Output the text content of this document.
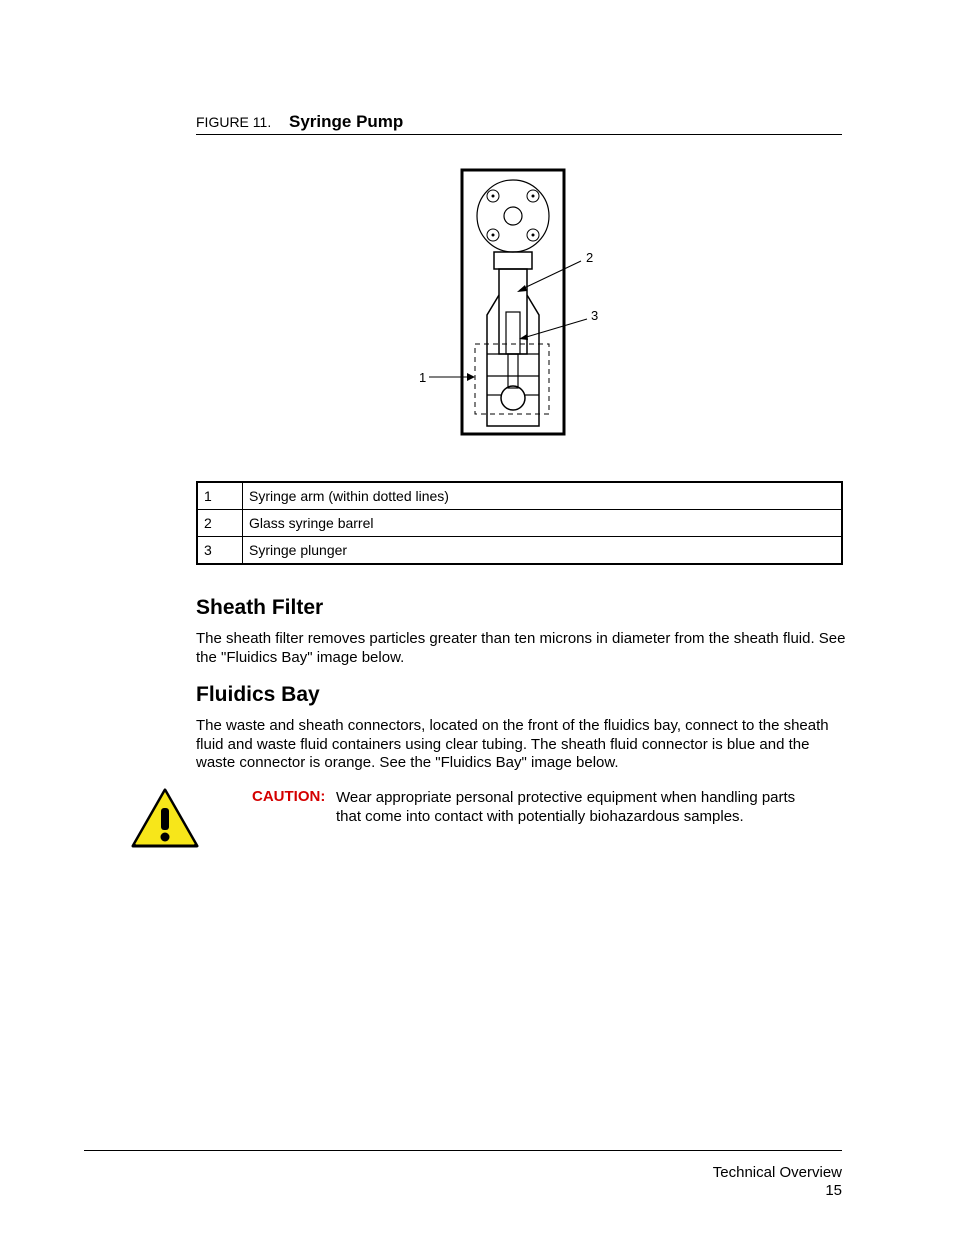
FIGURE 11. Syringe Pump
2
3
1
1	Syringe arm (within dotted lines)
2	Glass syringe barrel
3	Syringe plunger
Sheath Filter

The sheath filter removes particles greater than ten microns in diameter from the sheath fluid. See the "Fluidics Bay" image below.

Fluidics Bay

The waste and sheath connectors, located on the front of the fluidics bay, connect to the sheath fluid and waste fluid containers using clear tubing. The sheath fluid connector is blue and the waste connector is orange. See the "Fluidics Bay" image below.

CAUTION: Wear appropriate personal protective equipment when handling parts that come into contact with potentially biohazardous samples.

Technical Overview
15
